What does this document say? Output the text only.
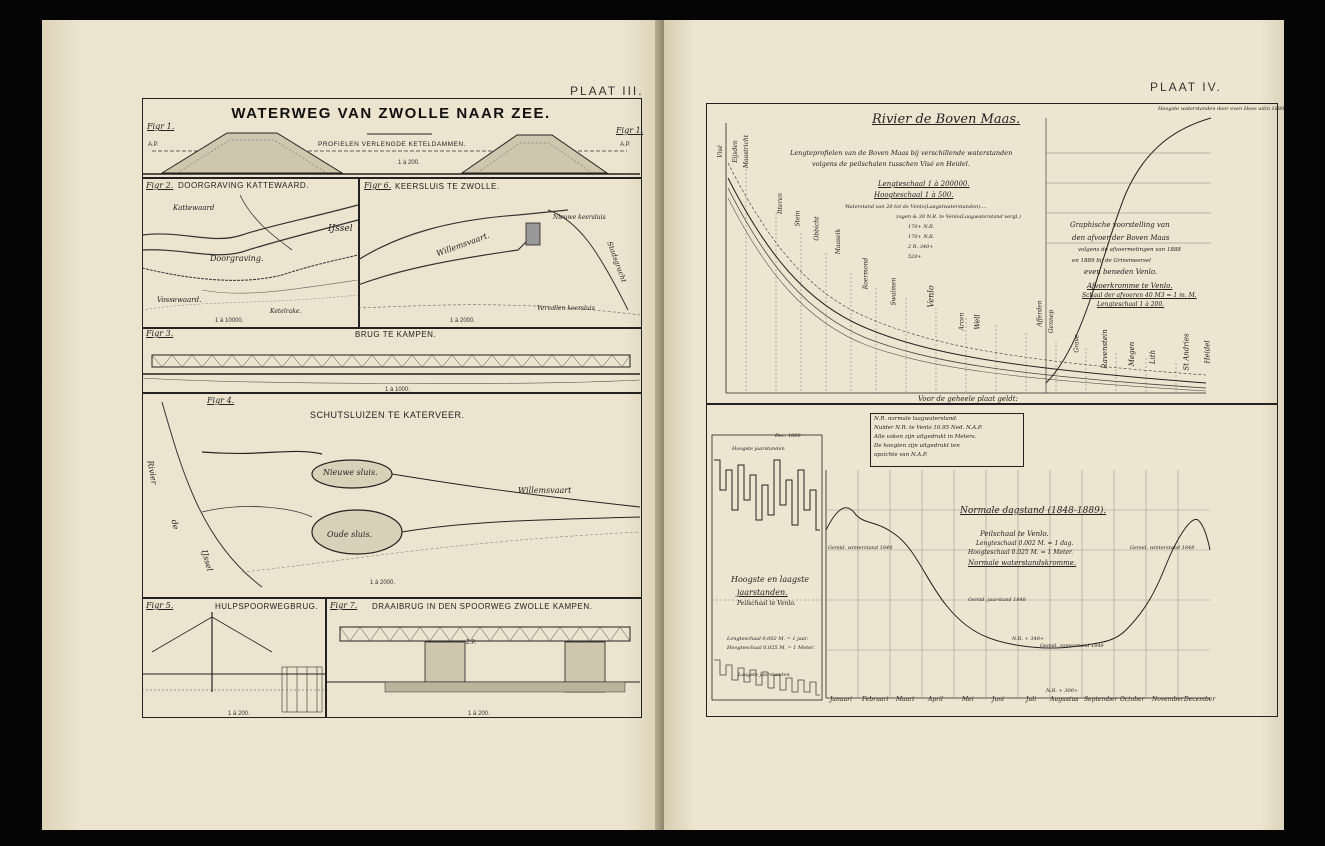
PLAAT III.
WATERWEG VAN ZWOLLE NAAR ZEE.
Figr 1.	Figr 1.
A.P.	A.P.
PROFIELEN VERLENGDE KETELDAMMEN.
1 à 200.
Figr 2. DOORGRAVING KATTEWAARD.
Kattewaard
Doorgraving.
Vossewaard.
Ketelrake.
IJssel
1 à 10000.
Figr 6. KEERSLUIS TE ZWOLLE.
Willemsvaart.
Nieuwe keersluis
Vervallen keersluis
Stadsgracht
1 à 2000.
Figr 3.	BRUG TE KAMPEN.
1 à 1000.
Figr 4.
SCHUTSLUIZEN TE KATERVEER.
Nieuwe sluis.
Oude sluis.
Willemsvaart
Rivier
de
IJssel
1 à 2000.
Figr 5.	HULPSPOORWEGBRUG.
1 à 200.
Figr 7. DRAAIBRUG IN DEN SPOORWEG ZWOLLE KAMPEN.
Z.P.
1 à 200.
PLAAT IV.
Rivier de Boven Maas.
Hoogste waterstanden door even Hoes uitin 1880
Lengteprofielen van de Boven Maas bij verschillende waterstanden
volgens de peilschalen tusschen Visé en Heidel.
Lengteschaal 1 à 200000.
Hoogteschaal 1 à 500.
Waterstand van 28 tot de Venlo(Laagstwaterstanden)....
zogen & 30 N.R. te Venlo(Laagwaterstand vergl.)
170+ N.R.
170+ N.R.
2 R. 340+
520+
Visé Eijsden Maastricht
Itteren
Stein Obbicht
Maaseik
Roermond
Swalmen	Venlo
Arcen Well	Afferden Gennep
Grave	Ravenstein	Megen Lith	St Andries Heidel
Graphische voorstelling van
den afvoer der Boven Maas
volgens de afvoermetingen van 1888
en 1889 bij de Grinsmeersel
even beneden Venlo.
Afvoerkromme te Venlo.
Schaal der afvoeren 40 M3 = 1 m. M.
Lengteschaal 1 à 200.
Voor de geheele plaat geldt:
N.R. normale laagwaterstand.
Nulder N.R. te Venlo 10.95 Ned. N.A.P.
Alle vaken zijn uitgedrukt in Meters.
De hoogten zijn uitgedrukt ten
opzichte van N.A.P.
Hoogste jaarstanden
Dec. 1880
Hoogste en laagste
jaarstanden.
Peilschaal te Venlo.
Lengteschaal 0.002 M. = 1 jaar.
Hoogteschaal 0.025 M. = 1 Meter.
Laagste jaarstanden
Normale dagstand (1848-1889).
Peilschaal te Venlo.
Lengteschaal 0.002 M. = 1 dag.
Hoogteschaal 0.025 M. = 1 Meter.
Normale waterstandskromme.
Gemid. winterstand 1848	Gemid. winterstand 1848
Gemid. jaarstand 1848
Gemid. zomerstand 1848
N.R. + 340+
N.R. + 300+
Januari Februari Maart April	Mei	Juni	Juli Augustus September October November December
